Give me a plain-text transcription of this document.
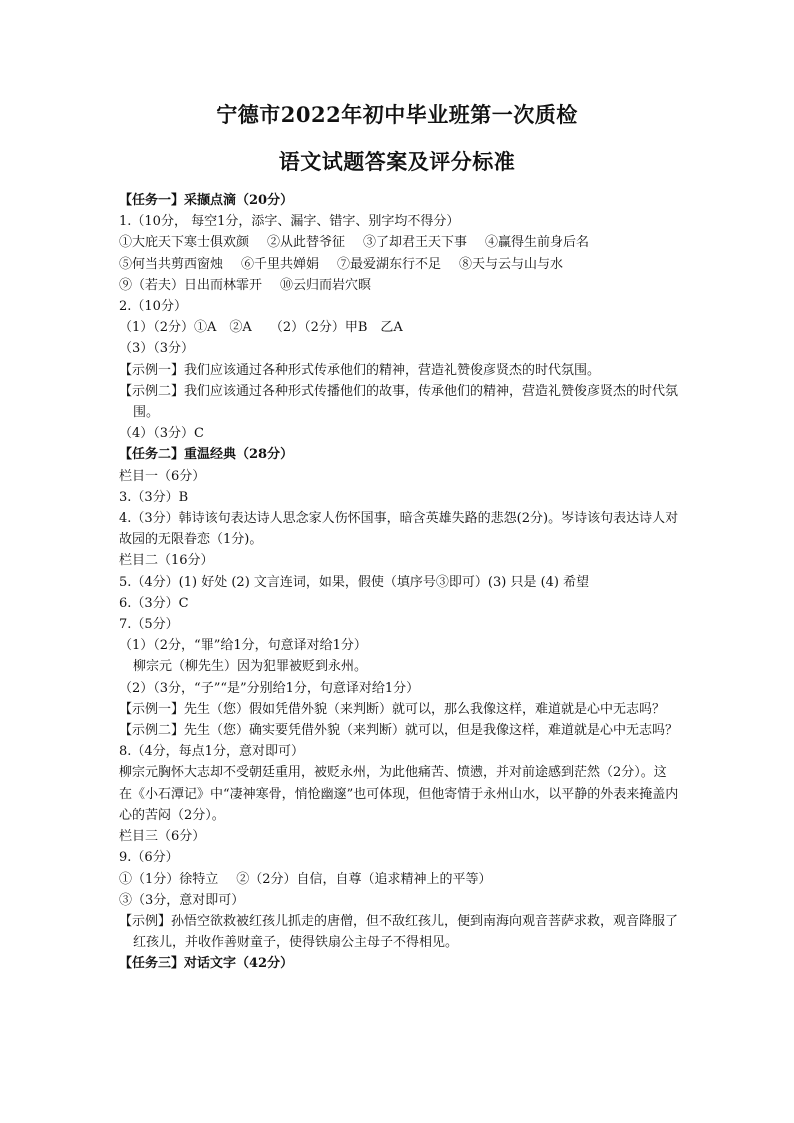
宁德市2022年初中毕业班第一次质检
语文试题答案及评分标准
【任务一】采撷点滴（20分）
1.（10分， 每空1分，添字、漏字、错字、别字均不得分）
①大庇天下寒士俱欢颜 ②从此替爷征 ③了却君王天下事 ④赢得生前身后名
⑤何当共剪西窗烛 ⑥千里共婵娟 ⑦最爱湖东行不足 ⑧天与云与山与水
⑨（若夫）日出而林霏开 ⑩云归而岩穴暝
2.（10分）
（1）（2分）①A　②A （2）（2分）甲B　乙A
（3）（3分）
【示例一】我们应该通过各种形式传承他们的精神，营造礼赞俊彦贤杰的时代氛围。
【示例二】我们应该通过各种形式传播他们的故事，传承他们的精神，营造礼赞俊彦贤杰的时代氛围。
（4）（3分）C
【任务二】重温经典（28分）
栏目一（6分）
3.（3分）B
4.（3分）韩诗该句表达诗人思念家人伤怀国事，暗含英雄失路的悲怨(2分)。岑诗该句表达诗人对故园的无限眷恋（1分)。
栏目二（16分）
5.（4分）(1) 好处 (2) 文言连词，如果，假使（填序号③即可）(3) 只是 (4) 希望
6.（3分）C
7.（5分）
（1）（2分，“罪”给1分，句意译对给1分）
柳宗元（柳先生）因为犯罪被贬到永州。
（2）（3分，“子”“是”分别给1分，句意译对给1分）
【示例一】先生（您）假如凭借外貌（来判断）就可以，那么我像这样，难道就是心中无志吗？
【示例二】先生（您）确实要凭借外貌（来判断）就可以，但是我像这样，难道就是心中无志吗？
8.（4分，每点1分，意对即可）
柳宗元胸怀大志却不受朝廷重用，被贬永州，为此他痛苦、愤懑，并对前途感到茫然（2分）。这在《小石潭记》中“凄神寒骨，悄怆幽邃”也可体现，但他寄情于永州山水，以平静的外表来掩盖内心的苦闷（2分）。
栏目三（6分）
9.（6分）
①（1分）徐特立 ②（2分）自信，自尊（追求精神上的平等）
③（3分，意对即可）
【示例】孙悟空欲救被红孩儿抓走的唐僧，但不敌红孩儿，便到南海向观音菩萨求救，观音降服了红孩儿，并收作善财童子，使得铁扇公主母子不得相见。
【任务三】对话文字（42分）
